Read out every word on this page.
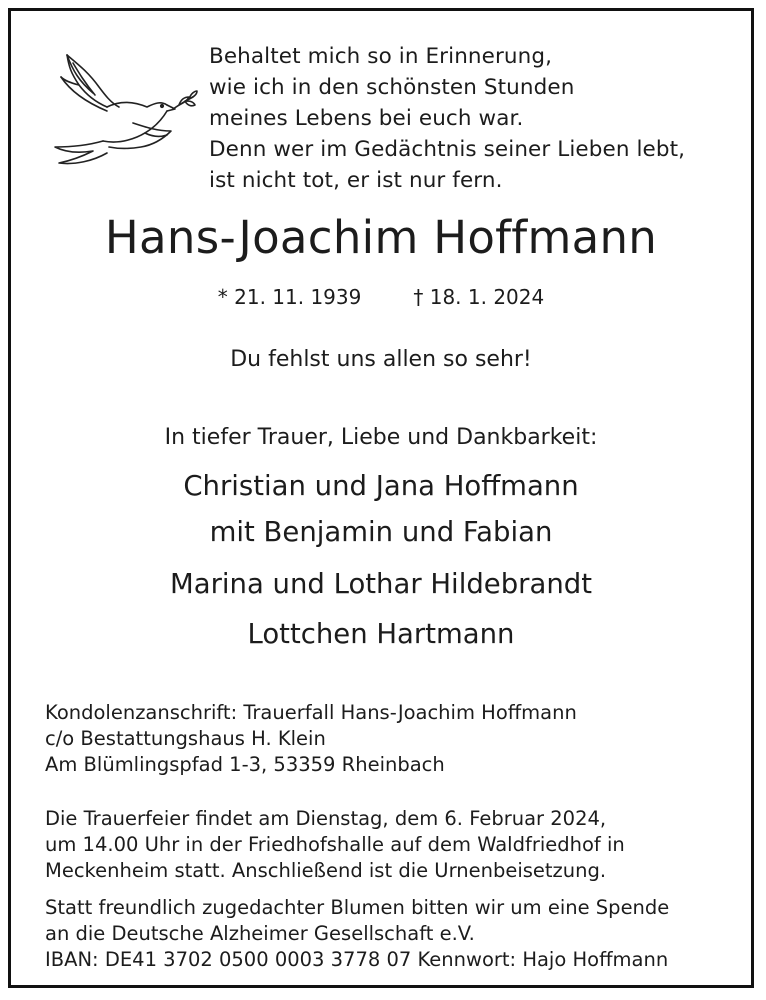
Behaltet mich so in Erinnerung,
wie ich in den schönsten Stunden
meines Lebens bei euch war.
Denn wer im Gedächtnis seiner Lieben lebt,
ist nicht tot, er ist nur fern.
Hans-Joachim Hoffmann
* 21. 11. 1939	† 18. 1. 2024
Du fehlst uns allen so sehr!
In tiefer Trauer, Liebe und Dankbarkeit:
Christian und Jana Hoffmann
mit Benjamin und Fabian
Marina und Lothar Hildebrandt
Lottchen Hartmann
Kondolenzanschrift: Trauerfall Hans-Joachim Hoffmann
c/o Bestattungshaus H. Klein
Am Blümlingspfad 1-3, 53359 Rheinbach
Die Trauerfeier findet am Dienstag, dem 6. Februar 2024,
um 14.00 Uhr in der Friedhofshalle auf dem Waldfriedhof in
Meckenheim statt. Anschließend ist die Urnenbeisetzung.
Statt freundlich zugedachter Blumen bitten wir um eine Spende
an die Deutsche Alzheimer Gesellschaft e.V.
IBAN: DE41 3702 0500 0003 3778 07 Kennwort: Hajo Hoffmann
